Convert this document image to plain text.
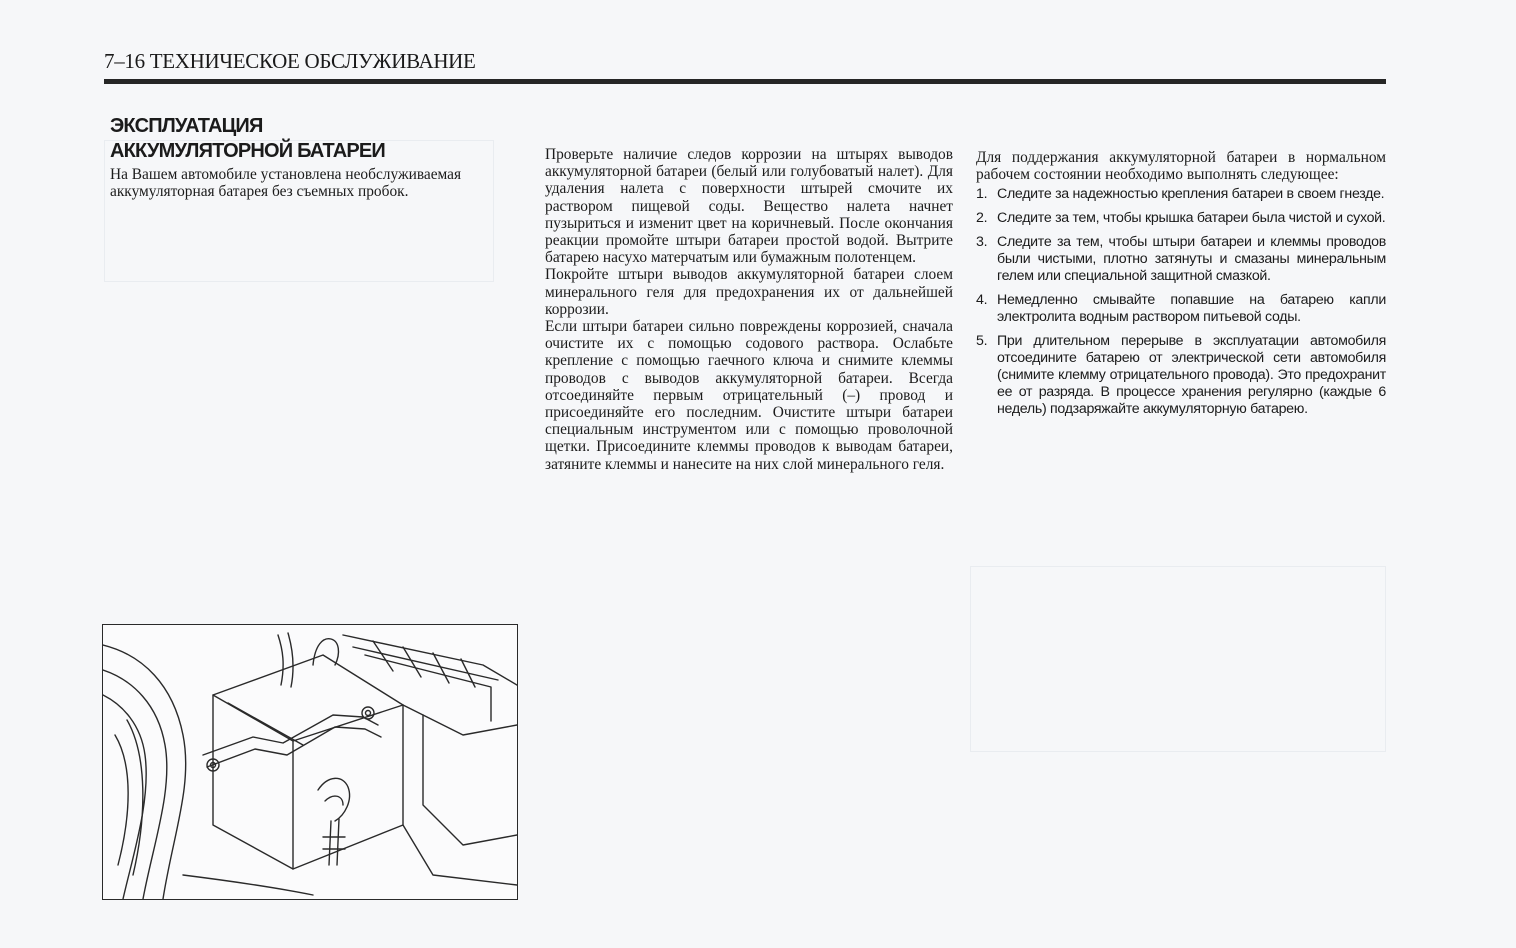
7–16 ТЕХНИЧЕСКОЕ ОБСЛУЖИВАНИЕ
ЭКСПЛУАТАЦИЯ
АККУМУЛЯТОРНОЙ БАТАРЕИ

На Вашем автомобиле установлена необслуживаемая аккумуляторная батарея без съемных пробок.

Проверьте наличие следов коррозии на штырях выводов аккумуляторной батареи (белый или голубоватый налет). Для удаления налета с поверхности штырей смочите их раствором пищевой соды. Вещество налета начнет пузыриться и изменит цвет на коричневый. После окончания реакции промойте штыри батареи простой водой. Вытрите батарею насухо матерчатым или бумажным полотенцем.

Покройте штыри выводов аккумуляторной батареи слоем минерального геля для предохранения их от дальнейшей коррозии.

Если штыри батареи сильно повреждены коррозией, сначала очистите их с помощью содового раствора. Ослабьте крепление с помощью гаечного ключа и снимите клеммы проводов с выводов аккумуляторной батареи. Всегда отсоединяйте первым отрицательный (–) провод и присоединяйте его последним. Очистите штыри батареи специальным инструментом или с помощью проволочной щетки. Присоедините клеммы проводов к выводам батареи, затяните клеммы и нанесите на них слой минерального геля.

Для поддержания аккумуляторной батареи в нормальном рабочем состоянии необходимо выполнять следующее:

1. Следите за надежностью крепления батареи в своем гнезде.
2. Следите за тем, чтобы крышка батареи была чистой и сухой.
3. Следите за тем, чтобы штыри батареи и клеммы проводов были чистыми, плотно затянуты и смазаны минеральным гелем или специальной защитной смазкой.
4. Немедленно смывайте попавшие на батарею капли электролита водным раствором питьевой соды.
5. При длительном перерыве в эксплуатации автомобиля отсоедините батарею от электрической сети автомобиля (снимите клемму отрицательного провода). Это предохранит ее от разряда. В процессе хранения регулярно (каждые 6 недель) подзаряжайте аккумуляторную батарею.
